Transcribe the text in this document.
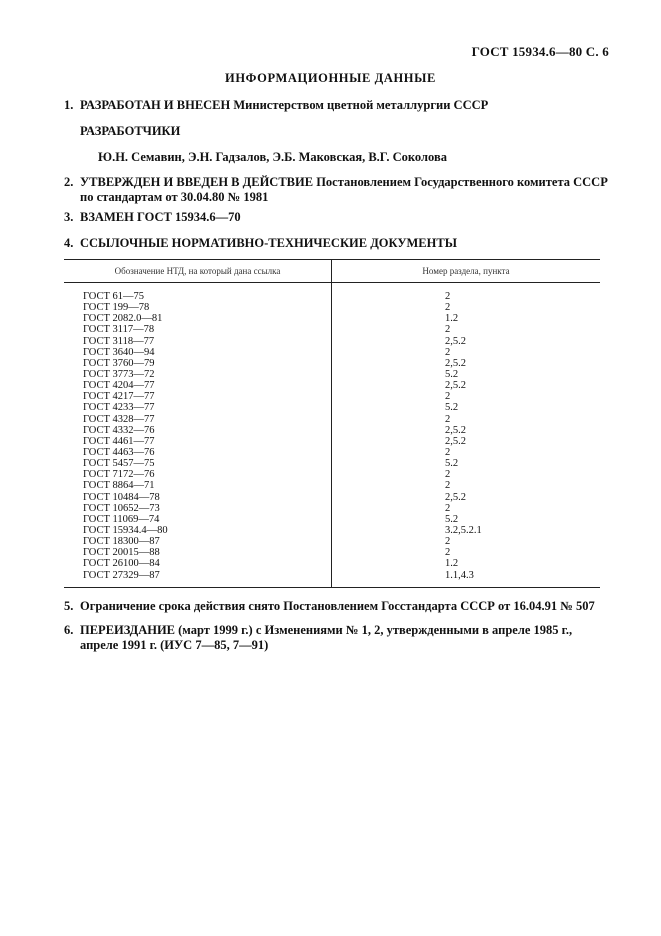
ГОСТ 15934.6—80 С. 6
ИНФОРМАЦИОННЫЕ ДАННЫЕ
1. РАЗРАБОТАН И ВНЕСЕН Министерством цветной металлургии СССР
РАЗРАБОТЧИКИ
Ю.Н. Семавин, Э.Н. Гадзалов, Э.Б. Маковская, В.Г. Соколова
2. УТВЕРЖДЕН И ВВЕДЕН В ДЕЙСТВИЕ Постановлением Государственного комитета СССР по стандартам от 30.04.80 № 1981
3. ВЗАМЕН ГОСТ 15934.6—70
4. ССЫЛОЧНЫЕ НОРМАТИВНО-ТЕХНИЧЕСКИЕ ДОКУМЕНТЫ
Обозначение НТД, на который дана ссылка	Номер раздела, пункта
ГОСТ 61—75	2
ГОСТ 199—78	2
ГОСТ 2082.0—81	1.2
ГОСТ 3117—78	2
ГОСТ 3118—77	2,5.2
ГОСТ 3640—94	2
ГОСТ 3760—79	2,5.2
ГОСТ 3773—72	5.2
ГОСТ 4204—77	2,5.2
ГОСТ 4217—77	2
ГОСТ 4233—77	5.2
ГОСТ 4328—77	2
ГОСТ 4332—76	2,5.2
ГОСТ 4461—77	2,5.2
ГОСТ 4463—76	2
ГОСТ 5457—75	5.2
ГОСТ 7172—76	2
ГОСТ 8864—71	2
ГОСТ 10484—78	2,5.2
ГОСТ 10652—73	2
ГОСТ 11069—74	5.2
ГОСТ 15934.4—80	3.2,5.2.1
ГОСТ 18300—87	2
ГОСТ 20015—88	2
ГОСТ 26100—84	1.2
ГОСТ 27329—87	1.1,4.3
5. Ограничение срока действия снято Постановлением Госстандарта СССР от 16.04.91 № 507
6. ПЕРЕИЗДАНИЕ (март 1999 г.) с Изменениями № 1, 2, утвержденными в апреле 1985 г., апреле 1991 г. (ИУС 7—85, 7—91)
